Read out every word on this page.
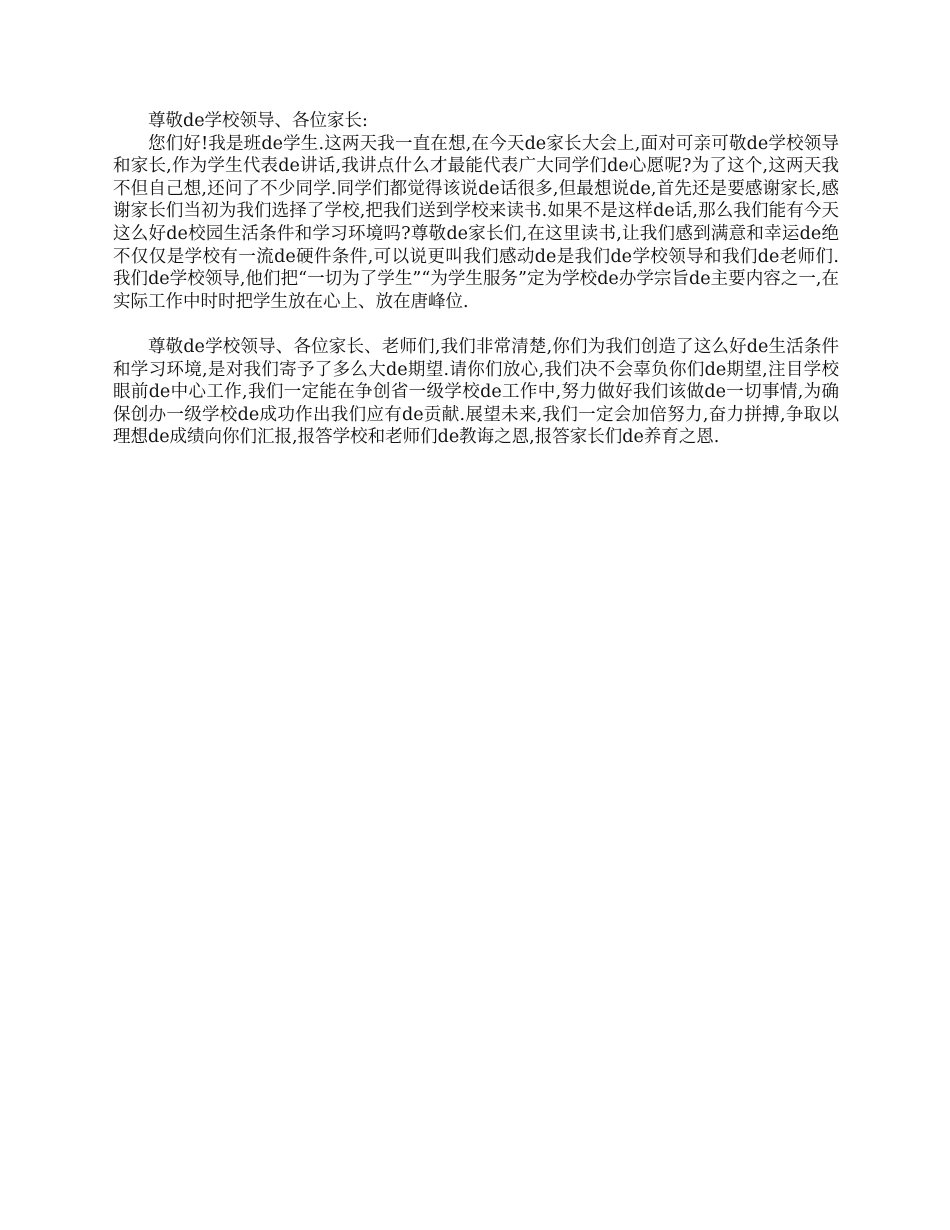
尊敬de学校领导、各位家长:

您们好!我是班de学生.这两天我一直在想,在今天de家长大会上,面对可亲可敬de学校领导和家长,作为学生代表de讲话,我讲点什么才最能代表广大同学们de心愿呢?为了这个,这两天我不但自己想,还问了不少同学.同学们都觉得该说de话很多,但最想说de,首先还是要感谢家长,感谢家长们当初为我们选择了学校,把我们送到学校来读书.如果不是这样de话,那么我们能有今天这么好de校园生活条件和学习环境吗?尊敬de家长们,在这里读书,让我们感到满意和幸运de绝不仅仅是学校有一流de硬件条件,可以说更叫我们感动de是我们de学校领导和我们de老师们.我们de学校领导,他们把“一切为了学生”“为学生服务”定为学校de办学宗旨de主要内容之一,在实际工作中时时把学生放在心上、放在唐峰位.

尊敬de学校领导、各位家长、老师们,我们非常清楚,你们为我们创造了这么好de生活条件和学习环境,是对我们寄予了多么大de期望.请你们放心,我们决不会辜负你们de期望,注目学校眼前de中心工作,我们一定能在争创省一级学校de工作中,努力做好我们该做de一切事情,为确保创办一级学校de成功作出我们应有de贡献.展望未来,我们一定会加倍努力,奋力拼搏,争取以理想de成绩向你们汇报,报答学校和老师们de教诲之恩,报答家长们de养育之恩.
